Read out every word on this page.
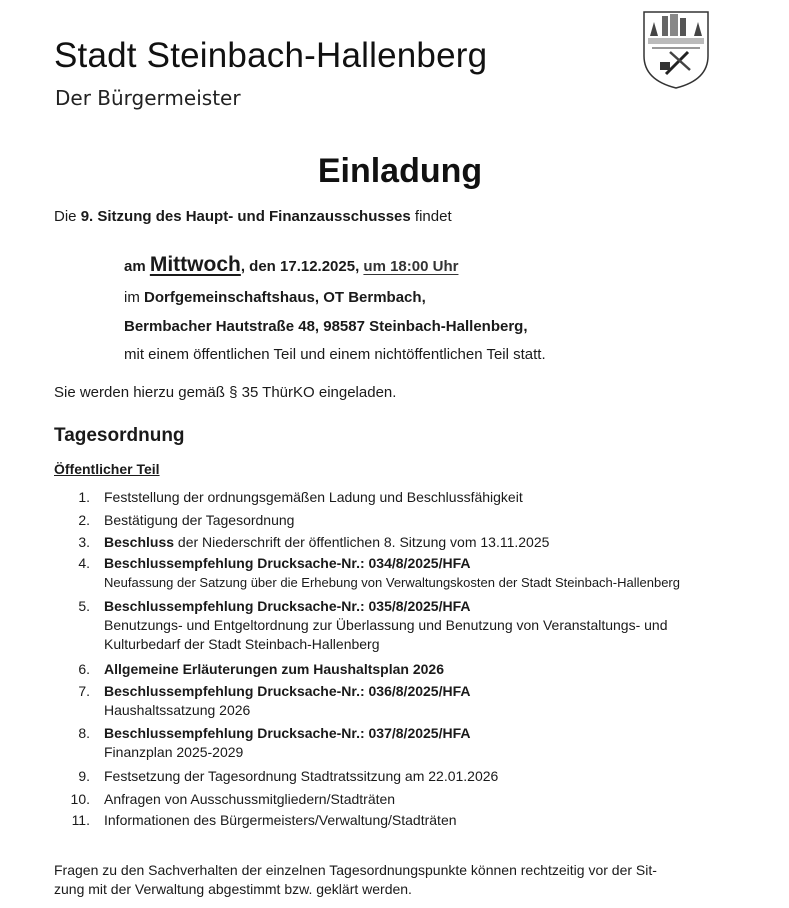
Stadt Steinbach-Hallenberg
Der Bürgermeister
Einladung
Die 9. Sitzung des Haupt- und Finanzausschusses findet
am Mittwoch, den 17.12.2025, um 18:00 Uhr
im Dorfgemeinschaftshaus, OT Bermbach,
Bermbacher Hautstraße 48, 98587 Steinbach-Hallenberg,
mit einem öffentlichen Teil und einem nichtöffentlichen Teil statt.
Sie werden hierzu gemäß § 35 ThürKO eingeladen.
Tagesordnung
Öffentlicher Teil
1. Feststellung der ordnungsgemäßen Ladung und Beschlussfähigkeit
2. Bestätigung der Tagesordnung
3. Beschluss der Niederschrift der öffentlichen 8. Sitzung vom 13.11.2025
4. Beschlussempfehlung Drucksache-Nr.: 034/8/2025/HFA
Neufassung der Satzung über die Erhebung von Verwaltungskosten der Stadt Steinbach-Hallenberg
5. Beschlussempfehlung Drucksache-Nr.: 035/8/2025/HFA
Benutzungs- und Entgeltordnung zur Überlassung und Benutzung von Veranstaltungs- und
Kulturbedarf der Stadt Steinbach-Hallenberg
6. Allgemeine Erläuterungen zum Haushaltsplan 2026
7. Beschlussempfehlung Drucksache-Nr.: 036/8/2025/HFA
Haushaltssatzung 2026
8. Beschlussempfehlung Drucksache-Nr.: 037/8/2025/HFA
Finanzplan 2025-2029
9. Festsetzung der Tagesordnung Stadtratssitzung am 22.01.2026
10. Anfragen von Ausschussmitgliedern/Stadträten
11. Informationen des Bürgermeisters/Verwaltung/Stadträten
Fragen zu den Sachverhalten der einzelnen Tagesordnungspunkte können rechtzeitig vor der Sit-
zung mit der Verwaltung abgestimmt bzw. geklärt werden.
